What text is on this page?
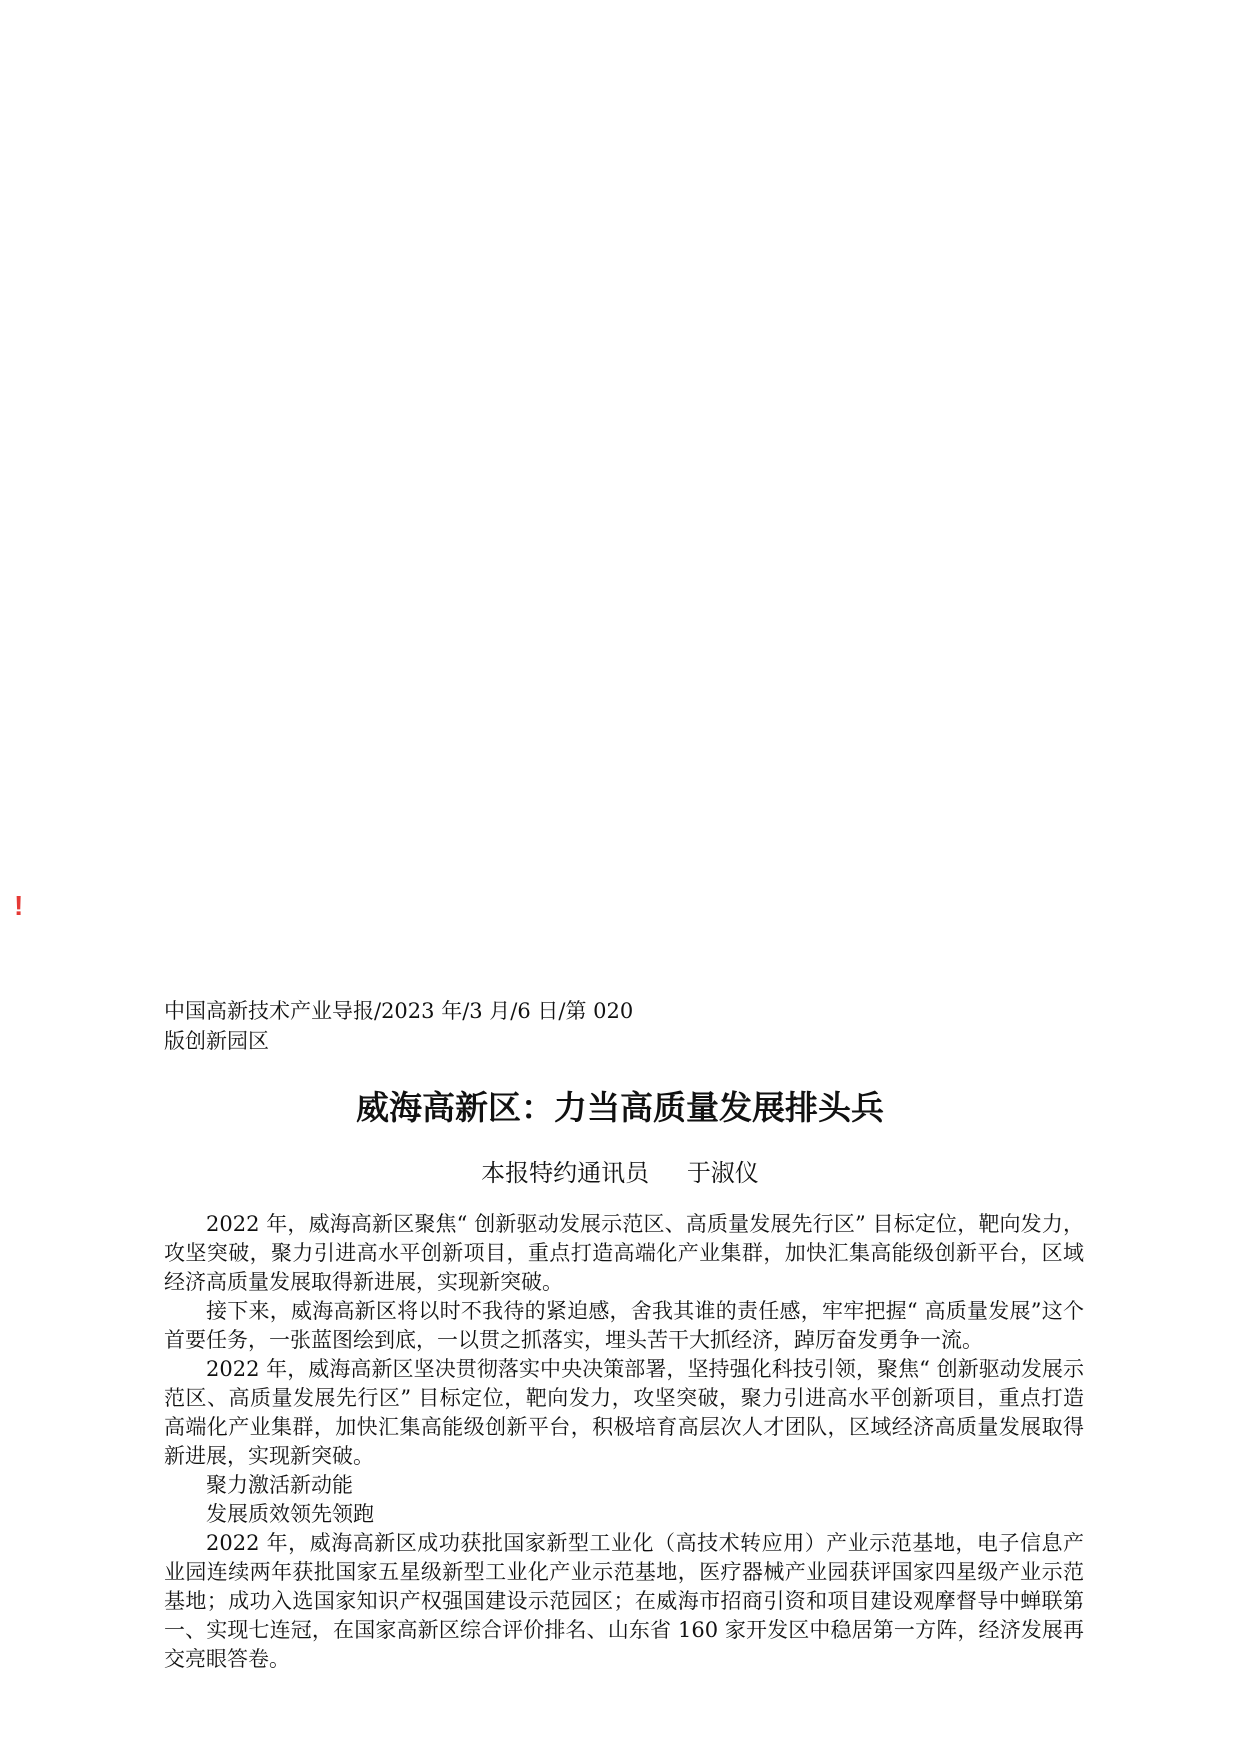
!
中国高新技术产业导报/2023 年/3 月/6 日/第 020
版创新园区
威海高新区：力当高质量发展排头兵
本报特约通讯员 于淑仪

2022 年，威海高新区聚焦“ 创新驱动发展示范区、高质量发展先行区” 目标定位，靶向发力，攻坚突破，聚力引进高水平创新项目，重点打造高端化产业集群，加快汇集高能级创新平台，区域经济高质量发展取得新进展，实现新突破。

接下来，威海高新区将以时不我待的紧迫感，舍我其谁的责任感，牢牢把握“ 高质量发展”这个首要任务，一张蓝图绘到底，一以贯之抓落实，埋头苦干大抓经济，踔厉奋发勇争一流。

2022 年，威海高新区坚决贯彻落实中央决策部署，坚持强化科技引领，聚焦“ 创新驱动发展示范区、高质量发展先行区” 目标定位，靶向发力，攻坚突破，聚力引进高水平创新项目，重点打造高端化产业集群，加快汇集高能级创新平台，积极培育高层次人才团队，区域经济高质量发展取得新进展，实现新突破。

聚力激活新动能

发展质效领先领跑

2022 年，威海高新区成功获批国家新型工业化（高技术转应用）产业示范基地，电子信息产业园连续两年获批国家五星级新型工业化产业示范基地，医疗器械产业园获评国家四星级产业示范基地；成功入选国家知识产权强国建设示范园区；在威海市招商引资和项目建设观摩督导中蝉联第一、实现七连冠，在国家高新区综合评价排名、山东省 160 家开发区中稳居第一方阵，经济发展再交亮眼答卷。
